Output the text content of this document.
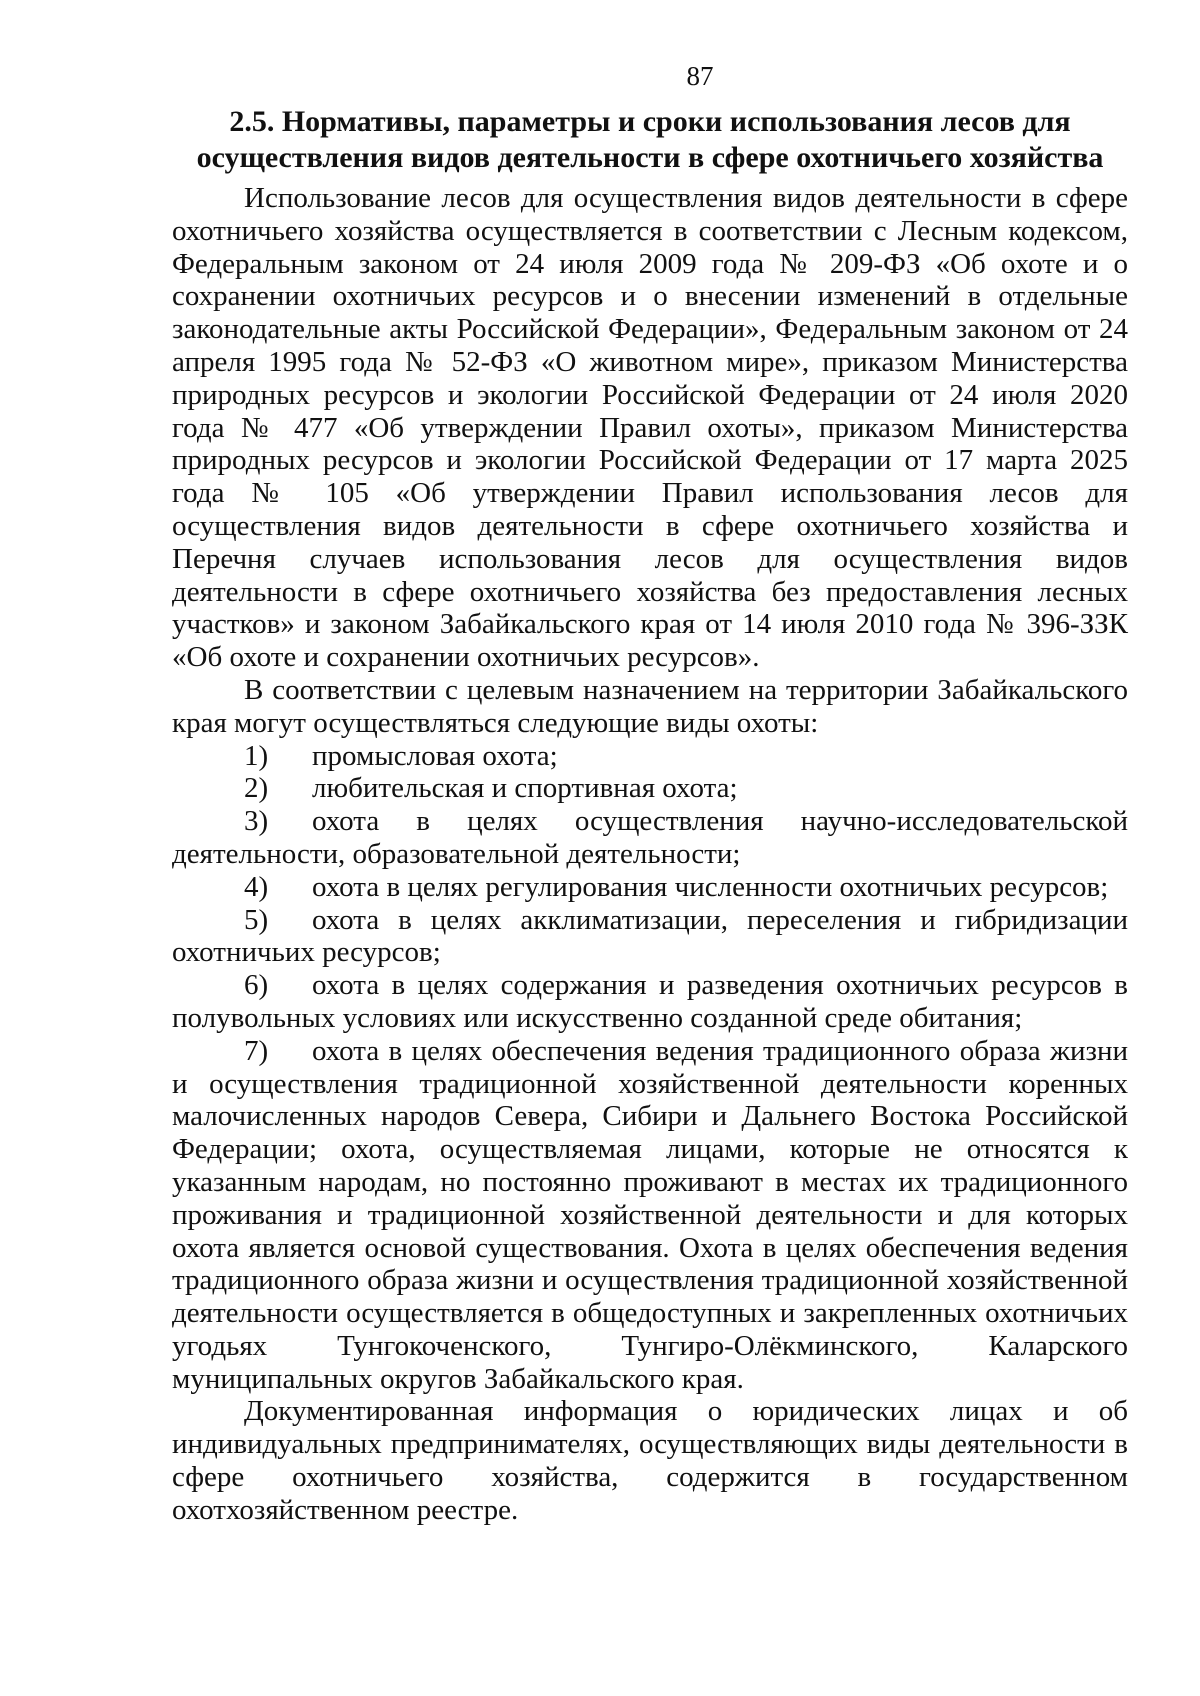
87
2.5. Нормативы, параметры и сроки использования лесов для
осуществления видов деятельности в сфере охотничьего хозяйства

Использование лесов для осуществления видов деятельности в сфере охотничьего хозяйства осуществляется в соответствии с Лесным кодексом, Федеральным законом от 24 июля 2009 года № 209-ФЗ «Об охоте и о сохранении охотничьих ресурсов и о внесении изменений в отдельные законодательные акты Российской Федерации», Федеральным законом от 24 апреля 1995 года № 52-ФЗ «О животном мире», приказом Министерства природных ресурсов и экологии Российской Федерации от 24 июля 2020 года № 477 «Об утверждении Правил охоты», приказом Министерства природных ресурсов и экологии Российской Федерации от 17 марта 2025 года № 105 «Об утверждении Правил использования лесов для осуществления видов деятельности в сфере охотничьего хозяйства и Перечня случаев использования лесов для осуществления видов деятельности в сфере охотничьего хозяйства без предоставления лесных участков» и законом Забайкальского края от 14 июля 2010 года № 396-ЗЗК «Об охоте и сохранении охотничьих ресурсов».

В соответствии с целевым назначением на территории Забайкальского края могут осуществляться следующие виды охоты:

1) промысловая охота;

2) любительская и спортивная охота;

3) охота в целях осуществления научно-исследовательской деятельности, образовательной деятельности;

4) охота в целях регулирования численности охотничьих ресурсов;

5) охота в целях акклиматизации, переселения и гибридизации охотничьих ресурсов;

6) охота в целях содержания и разведения охотничьих ресурсов в полувольных условиях или искусственно созданной среде обитания;

7) охота в целях обеспечения ведения традиционного образа жизни и осуществления традиционной хозяйственной деятельности коренных малочисленных народов Севера, Сибири и Дальнего Востока Российской Федерации; охота, осуществляемая лицами, которые не относятся к указанным народам, но постоянно проживают в местах их традиционного проживания и традиционной хозяйственной деятельности и для которых охота является основой существования. Охота в целях обеспечения ведения традиционного образа жизни и осуществления традиционной хозяйственной деятельности осуществляется в общедоступных и закрепленных охотничьих угодьях Тунгокоченского, Тунгиро-Олёкминского, Каларского муниципальных округов Забайкальского края.

Документированная информация о юридических лицах и об индивидуальных предпринимателях, осуществляющих виды деятельности в сфере охотничьего хозяйства, содержится в государственном охотхозяйственном реестре.
